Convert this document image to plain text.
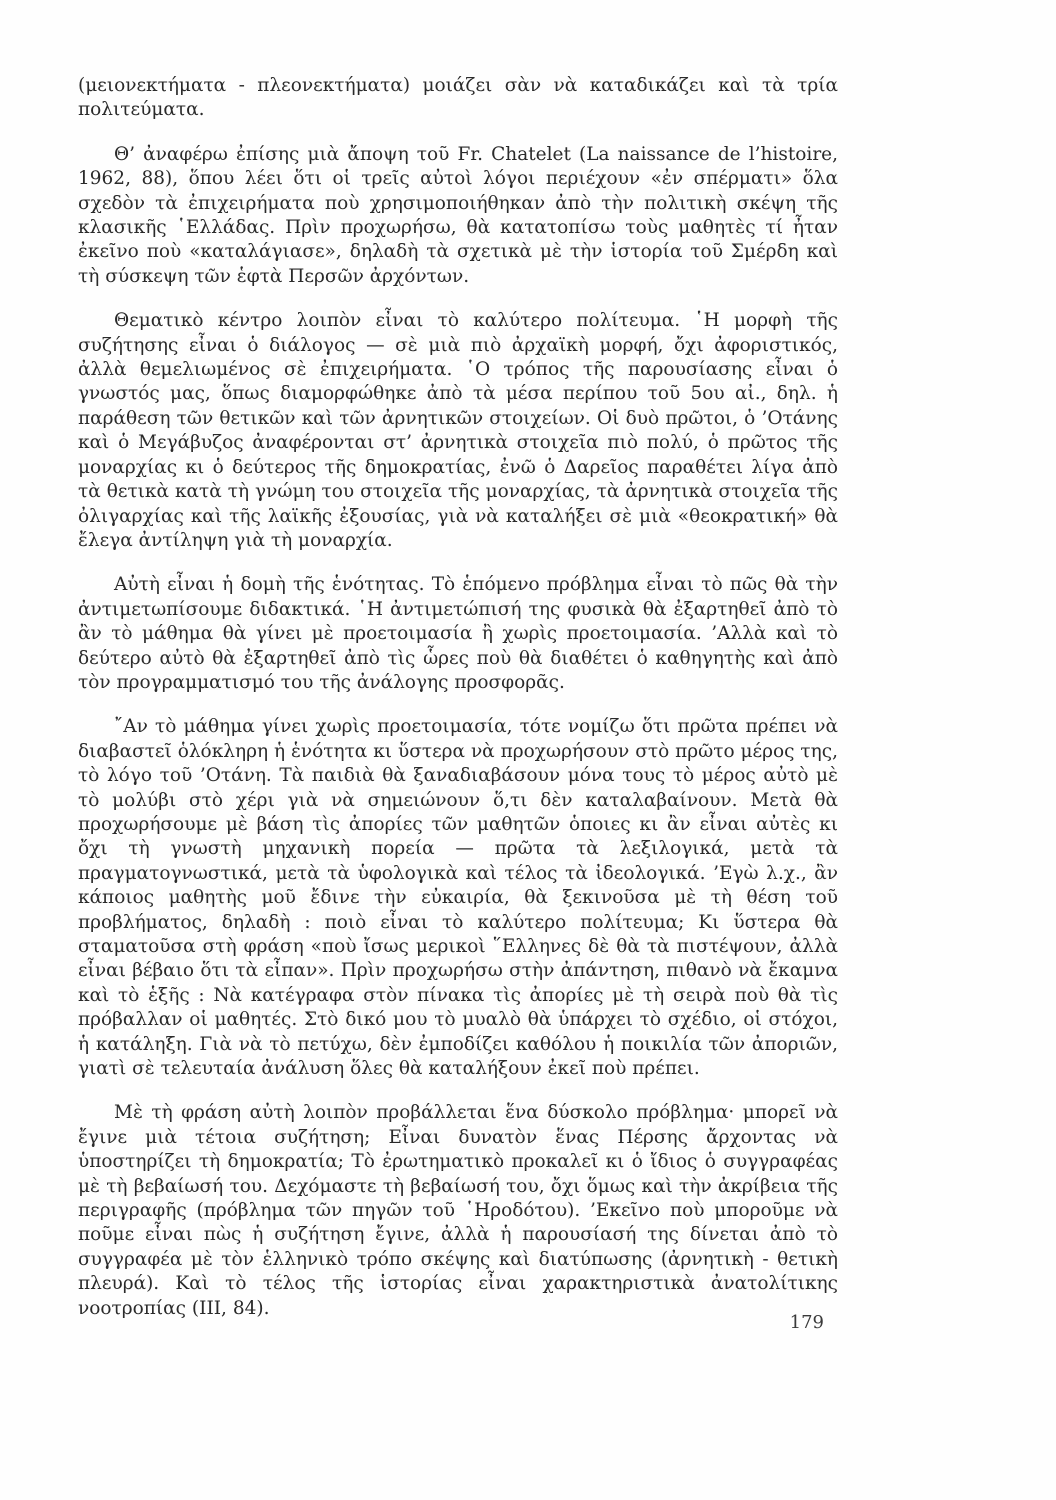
(μειονεκτήματα - πλεονεκτήματα) μοιάζει σὰν νὰ καταδικάζει καὶ τὰ τρία πολιτεύματα.

Θ’ ἀναφέρω ἐπίσης μιὰ ἄποψη τοῦ Fr. Chatelet (La naissance de l’histoire, 1962, 88), ὅπου λέει ὅτι οἱ τρεῖς αὐτοὶ λόγοι περιέχουν «ἐν σπέρματι» ὅλα σχεδὸν τὰ ἐπιχειρήματα ποὺ χρησιμοποιήθηκαν ἀπὸ τὴν πολιτικὴ σκέψη τῆς κλασικῆς ῾Ελλάδας. Πρὶν προχωρήσω, θὰ κατατοπίσω τοὺς μαθητὲς τί ἦταν ἐκεῖνο ποὺ «καταλάγιασε», δηλαδὴ τὰ σχετικὰ μὲ τὴν ἱστορία τοῦ Σμέρδη καὶ τὴ σύσκεψη τῶν ἑφτὰ Περσῶν ἀρχόντων.

Θεματικὸ κέντρο λοιπὸν εἶναι τὸ καλύτερο πολίτευμα. ῾Η μορφὴ τῆς συζήτησης εἶναι ὁ διάλογος — σὲ μιὰ πιὸ ἀρχαϊκὴ μορφή, ὄχι ἀφοριστικός, ἀλλὰ θεμελιωμένος σὲ ἐπιχειρήματα. ῾Ο τρόπος τῆς παρουσίασης εἶναι ὁ γνωστός μας, ὅπως διαμορφώθηκε ἀπὸ τὰ μέσα περίπου τοῦ 5ου αἰ., δηλ. ἡ παράθεση τῶν θετικῶν καὶ τῶν ἀρνητικῶν στοιχείων. Οἱ δυὸ πρῶτοι, ὁ ’Οτάνης καὶ ὁ Μεγάβυζος ἀναφέρονται στ’ ἀρνητικὰ στοιχεῖα πιὸ πολύ, ὁ πρῶτος τῆς μοναρχίας κι ὁ δεύτερος τῆς δημοκρατίας, ἐνῶ ὁ Δαρεῖος παραθέτει λίγα ἀπὸ τὰ θετικὰ κατὰ τὴ γνώμη του στοιχεῖα τῆς μοναρχίας, τὰ ἀρνητικὰ στοιχεῖα τῆς ὀλιγαρχίας καὶ τῆς λαϊκῆς ἐξουσίας, γιὰ νὰ καταλήξει σὲ μιὰ «θεοκρατική» θὰ ἔλεγα ἀντίληψη γιὰ τὴ μοναρχία.

Αὐτὴ εἶναι ἡ δομὴ τῆς ἑνότητας. Τὸ ἑπόμενο πρόβλημα εἶναι τὸ πῶς θὰ τὴν ἀντιμετωπίσουμε διδακτικά. ῾Η ἀντιμετώπισή της φυσικὰ θὰ ἐξαρτηθεῖ ἀπὸ τὸ ἂν τὸ μάθημα θὰ γίνει μὲ προετοιμασία ἢ χωρὶς προετοιμασία. ’Αλλὰ καὶ τὸ δεύτερο αὐτὸ θὰ ἐξαρτηθεῖ ἀπὸ τὶς ὧρες ποὺ θὰ διαθέτει ὁ καθηγητὴς καὶ ἀπὸ τὸν προγραμματισμό του τῆς ἀνάλογης προσφορᾶς.

῎Αν τὸ μάθημα γίνει χωρὶς προετοιμασία, τότε νομίζω ὅτι πρῶτα πρέπει νὰ διαβαστεῖ ὁλόκληρη ἡ ἑνότητα κι ὕστερα νὰ προχωρήσουν στὸ πρῶτο μέρος της, τὸ λόγο τοῦ ’Οτάνη. Τὰ παιδιὰ θὰ ξαναδιαβάσουν μόνα τους τὸ μέρος αὐτὸ μὲ τὸ μολύβι στὸ χέρι γιὰ νὰ σημειώνουν ὅ,τι δὲν καταλαβαίνουν. Μετὰ θὰ προχωρήσουμε μὲ βάση τὶς ἀπορίες τῶν μαθητῶν ὁποιες κι ἂν εἶναι αὐτὲς κι ὄχι τὴ γνωστὴ μηχανικὴ πορεία — πρῶτα τὰ λεξιλογικά, μετὰ τὰ πραγματογνωστικά, μετὰ τὰ ὑφολογικὰ καὶ τέλος τὰ ἰδεολογικά. ’Εγὼ λ.χ., ἂν κάποιος μαθητὴς μοῦ ἔδινε τὴν εὐκαιρία, θὰ ξεκινοῦσα μὲ τὴ θέση τοῦ προβλήματος, δηλαδὴ : ποιὸ εἶναι τὸ καλύτερο πολίτευμα; Κι ὕστερα θὰ σταματοῦσα στὴ φράση «ποὺ ἴσως μερικοὶ ῞Ελληνες δὲ θὰ τὰ πιστέψουν, ἀλλὰ εἶναι βέβαιο ὅτι τὰ εἶπαν». Πρὶν προχωρήσω στὴν ἀπάντηση, πιθανὸ νὰ ἔκαμνα καὶ τὸ ἑξῆς : Νὰ κατέγραφα στὸν πίνακα τὶς ἀπορίες μὲ τὴ σειρὰ ποὺ θὰ τὶς πρόβαλλαν οἱ μαθητές. Στὸ δικό μου τὸ μυαλὸ θὰ ὑπάρχει τὸ σχέδιο, οἱ στόχοι, ἡ κατάληξη. Γιὰ νὰ τὸ πετύχω, δὲν ἐμποδίζει καθόλου ἡ ποικιλία τῶν ἀποριῶν, γιατὶ σὲ τελευταία ἀνάλυση ὅλες θὰ καταλήξουν ἐκεῖ ποὺ πρέπει.

Μὲ τὴ φράση αὐτὴ λοιπὸν προβάλλεται ἕνα δύσκολο πρόβλημα· μπορεῖ νὰ ἔγινε μιὰ τέτοια συζήτηση; Εἶναι δυνατὸν ἕνας Πέρσης ἄρχοντας νὰ ὑποστηρίζει τὴ δημοκρατία; Τὸ ἐρωτηματικὸ προκαλεῖ κι ὁ ἴδιος ὁ συγγραφέας μὲ τὴ βεβαίωσή του. Δεχόμαστε τὴ βεβαίωσή του, ὄχι ὅμως καὶ τὴν ἀκρίβεια τῆς περιγραφῆς (πρόβλημα τῶν πηγῶν τοῦ ῾Ηροδότου). ’Εκεῖνο ποὺ μποροῦμε νὰ ποῦμε εἶναι πὼς ἡ συζήτηση ἔγινε, ἀλλὰ ἡ παρουσίασή της δίνεται ἀπὸ τὸ συγγραφέα μὲ τὸν ἑλληνικὸ τρόπο σκέψης καὶ διατύπωσης (ἀρνητικὴ - θετικὴ πλευρά). Καὶ τὸ τέλος τῆς ἱστορίας εἶναι χαρακτηριστικὰ ἀνατολίτικης νοοτροπίας (ΙΙΙ, 84).

179
